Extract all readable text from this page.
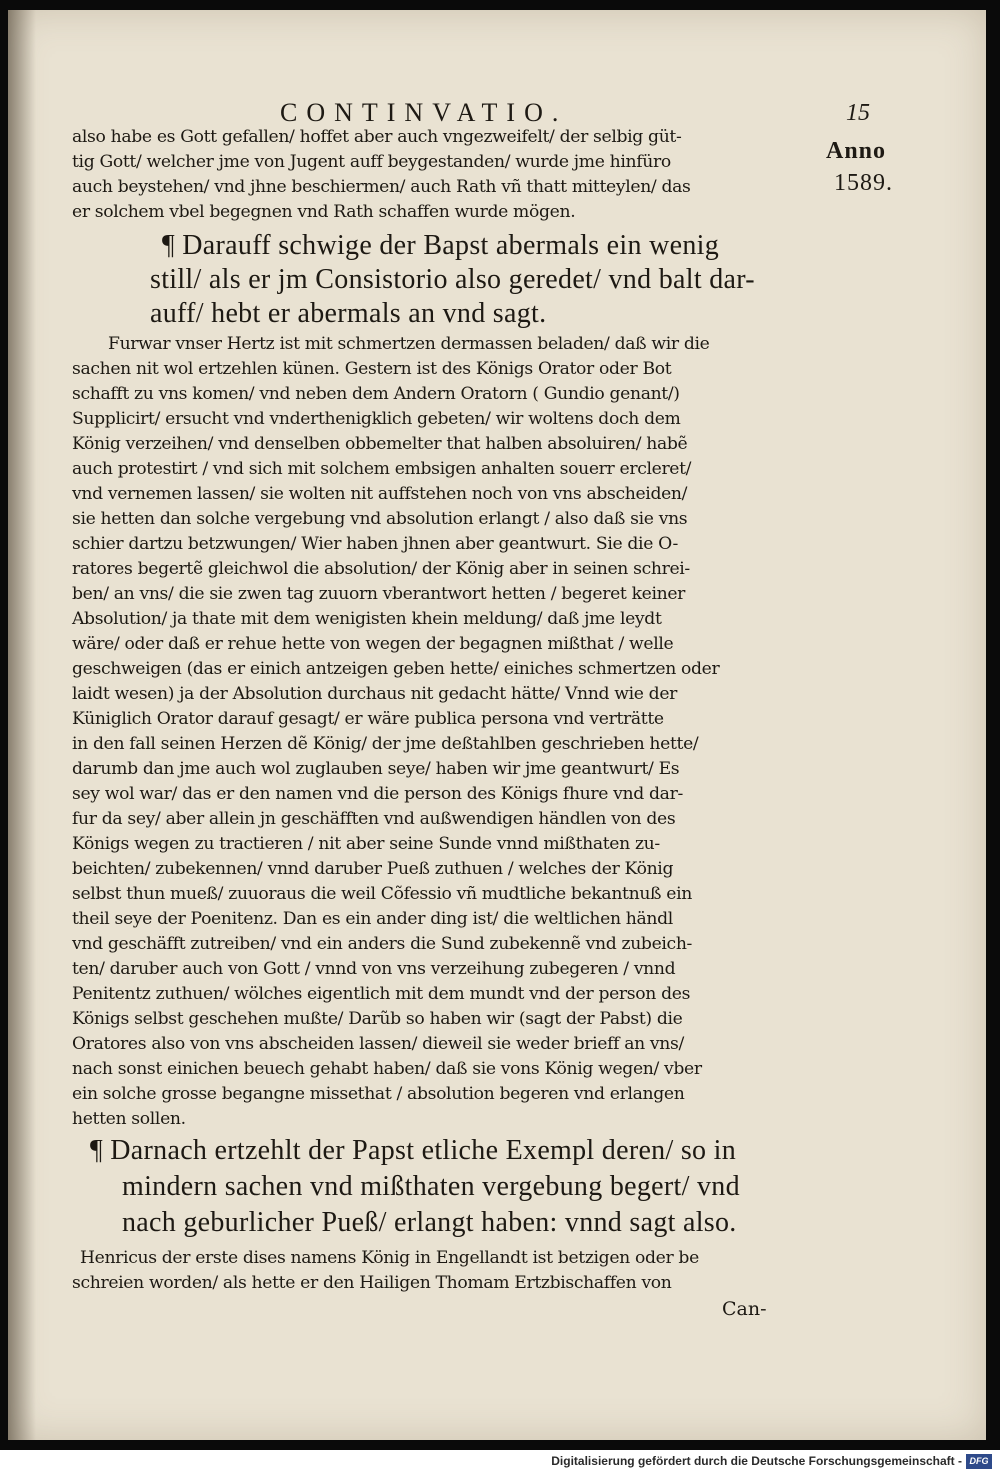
CONTINVATIO.	15
Anno
1589.
also habe es Gott gefallen/ hoffet aber auch vngezweifelt/ der selbig güt-
tig Gott/ welcher jme von Jugent auff beygestanden/ wurde jme hinfüro
auch beystehen/ vnd jhne beschiermen/ auch Rath vñ thatt mitteylen/ das
er solchem vbel begegnen vnd Rath schaffen wurde mögen.
¶ Darauff schwige der Bapst abermals ein wenig
still/ als er jm Consistorio also geredet/ vnd balt dar-
auff/ hebt er abermals an vnd sagt.
Furwar vnser Hertz ist mit schmertzen dermassen beladen/ daß wir die
sachen nit wol ertzehlen künen. Gestern ist des Königs Orator oder Bot
schafft zu vns komen/ vnd neben dem Andern Oratorn ( Gundio genant/)
Supplicirt/ ersucht vnd vnderthenigklich gebeten/ wir woltens doch dem
König verzeihen/ vnd denselben obbemelter that halben absoluiren/ habẽ
auch protestirt / vnd sich mit solchem embsigen anhalten souerr ercleret/
vnd vernemen lassen/ sie wolten nit auffstehen noch von vns abscheiden/
sie hetten dan solche vergebung vnd absolution erlangt / also daß sie vns
schier dartzu betzwungen/ Wier haben jhnen aber geantwurt. Sie die O-
ratores begertẽ gleichwol die absolution/ der König aber in seinen schrei-
ben/ an vns/ die sie zwen tag zuuorn vberantwort hetten / begeret keiner
Absolution/ ja thate mit dem wenigisten khein meldung/ daß jme leydt
wäre/ oder daß er rehue hette von wegen der begagnen mißthat / welle
geschweigen (das er einich antzeigen geben hette/ einiches schmertzen oder
laidt wesen) ja der Absolution durchaus nit gedacht hätte/ Vnnd wie der
Küniglich Orator darauf gesagt/ er wäre publica persona vnd verträtte
in den fall seinen Herzen dẽ König/ der jme deßtahlben geschrieben hette/
darumb dan jme auch wol zuglauben seye/ haben wir jme geantwurt/ Es
sey wol war/ das er den namen vnd die person des Königs fhure vnd dar-
fur da sey/ aber allein jn geschäfften vnd außwendigen händlen von des
Königs wegen zu tractieren / nit aber seine Sunde vnnd mißthaten zu-
beichten/ zubekennen/ vnnd daruber Pueß zuthuen / welches der König
selbst thun mueß/ zuuoraus die weil Cõfessio vñ mudtliche bekantnuß ein
theil seye der Poenitenz. Dan es ein ander ding ist/ die weltlichen händl
vnd geschäfft zutreiben/ vnd ein anders die Sund zubekennẽ vnd zubeich-
ten/ daruber auch von Gott / vnnd von vns verzeihung zubegeren / vnnd
Penitentz zuthuen/ wölches eigentlich mit dem mundt vnd der person des
Königs selbst geschehen mußte/ Darũb so haben wir (sagt der Pabst) die
Oratores also von vns abscheiden lassen/ dieweil sie weder brieff an vns/
nach sonst einichen beuech gehabt haben/ daß sie vons König wegen/ vber
ein solche grosse begangne missethat / absolution begeren vnd erlangen
hetten sollen.
¶ Darnach ertzehlt der Papst etliche Exempl deren/ so in
mindern sachen vnd mißthaten vergebung begert/ vnd
nach geburlicher Pueß/ erlangt haben: vnnd sagt also.
Henricus der erste dises namens König in Engellandt ist betzigen oder be
schreien worden/ als hette er den Hailigen Thomam Ertzbischaffen von
Can-
Digitalisierung gefördert durch die Deutsche Forschungsgemeinschaft - DFG
